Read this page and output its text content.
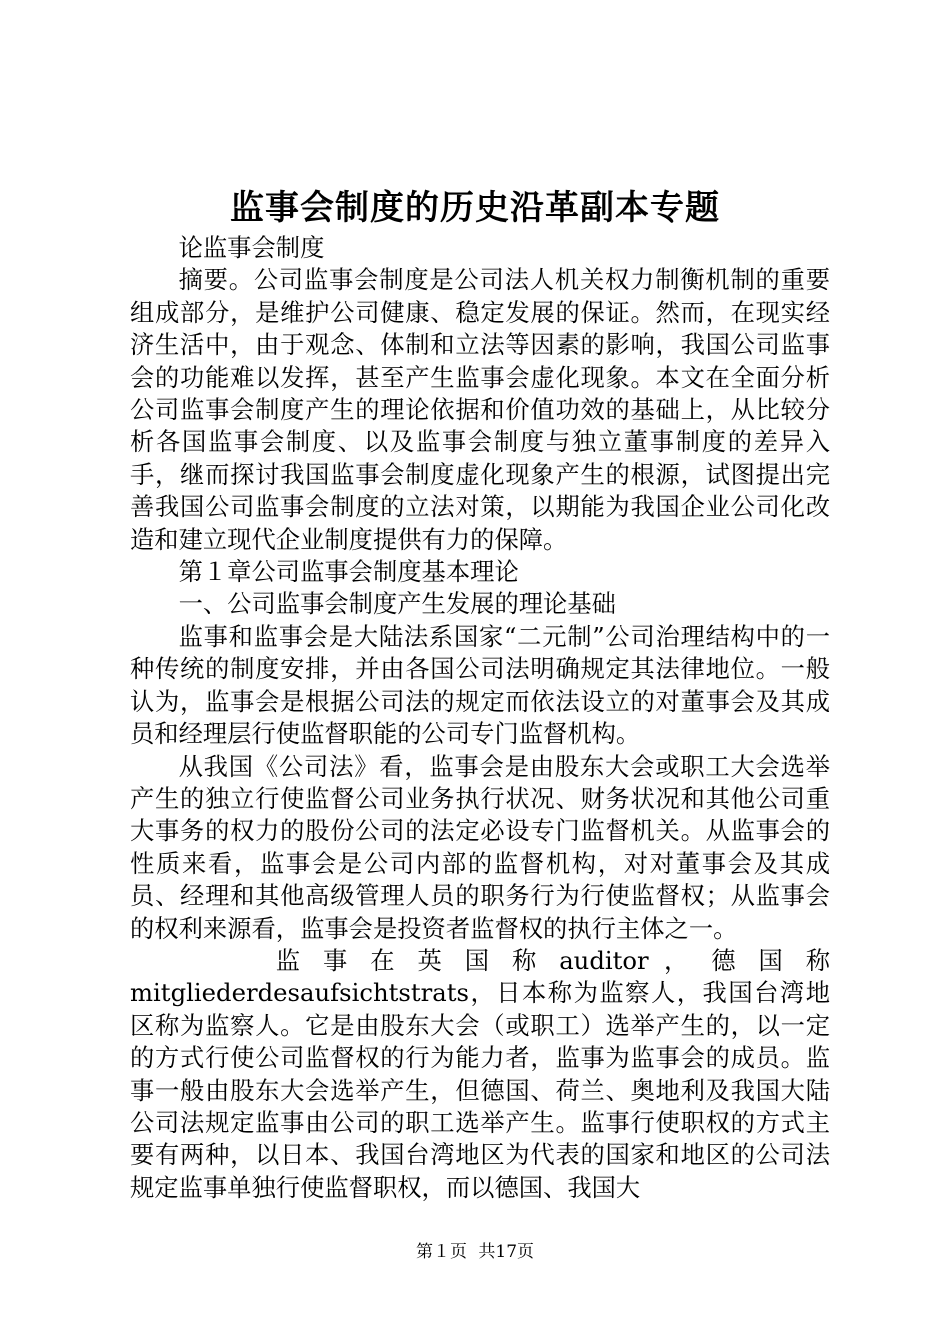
监事会制度的历史沿革副本专题

论监事会制度

摘要。公司监事会制度是公司法人机关权力制衡机制的重要组成部分，是维护公司健康、稳定发展的保证。然而，在现实经济生活中，由于观念、体制和立法等因素的影响，我国公司监事会的功能难以发挥，甚至产生监事会虚化现象。本文在全面分析公司监事会制度产生的理论依据和价值功效的基础上，从比较分析各国监事会制度、以及监事会制度与独立董事制度的差异入手，继而探讨我国监事会制度虚化现象产生的根源，试图提出完善我国公司监事会制度的立法对策，以期能为我国企业公司化改造和建立现代企业制度提供有力的保障。

第１章公司监事会制度基本理论

一、公司监事会制度产生发展的理论基础

监事和监事会是大陆法系国家“二元制”公司治理结构中的一种传统的制度安排，并由各国公司法明确规定其法律地位。一般认为，监事会是根据公司法的规定而依法设立的对董事会及其成员和经理层行使监督职能的公司专门监督机构。

从我国《公司法》看，监事会是由股东大会或职工大会选举产生的独立行使监督公司业务执行状况、财务状况和其他公司重大事务的权力的股份公司的法定必设专门监督机关。从监事会的性质来看，监事会是公司内部的监督机构，对对董事会及其成员、经理和其他高级管理人员的职务行为行使监督权；从监事会的权利来源看，监事会是投资者监督权的执行主体之一。

监 事 在 英 国 称 auditor ， 德 国 称 mitgliederdesaufsichtstrats，日本称为监察人，我国台湾地区称为监察人。它是由股东大会（或职工）选举产生的，以一定的方式行使公司监督权的行为能力者，监事为监事会的成员。监事一般由股东大会选举产生，但德国、荷兰、奥地利及我国大陆公司法规定监事由公司的职工选举产生。监事行使职权的方式主要有两种，以日本、我国台湾地区为代表的国家和地区的公司法规定监事单独行使监督职权，而以德国、我国大

第１页 共17页
